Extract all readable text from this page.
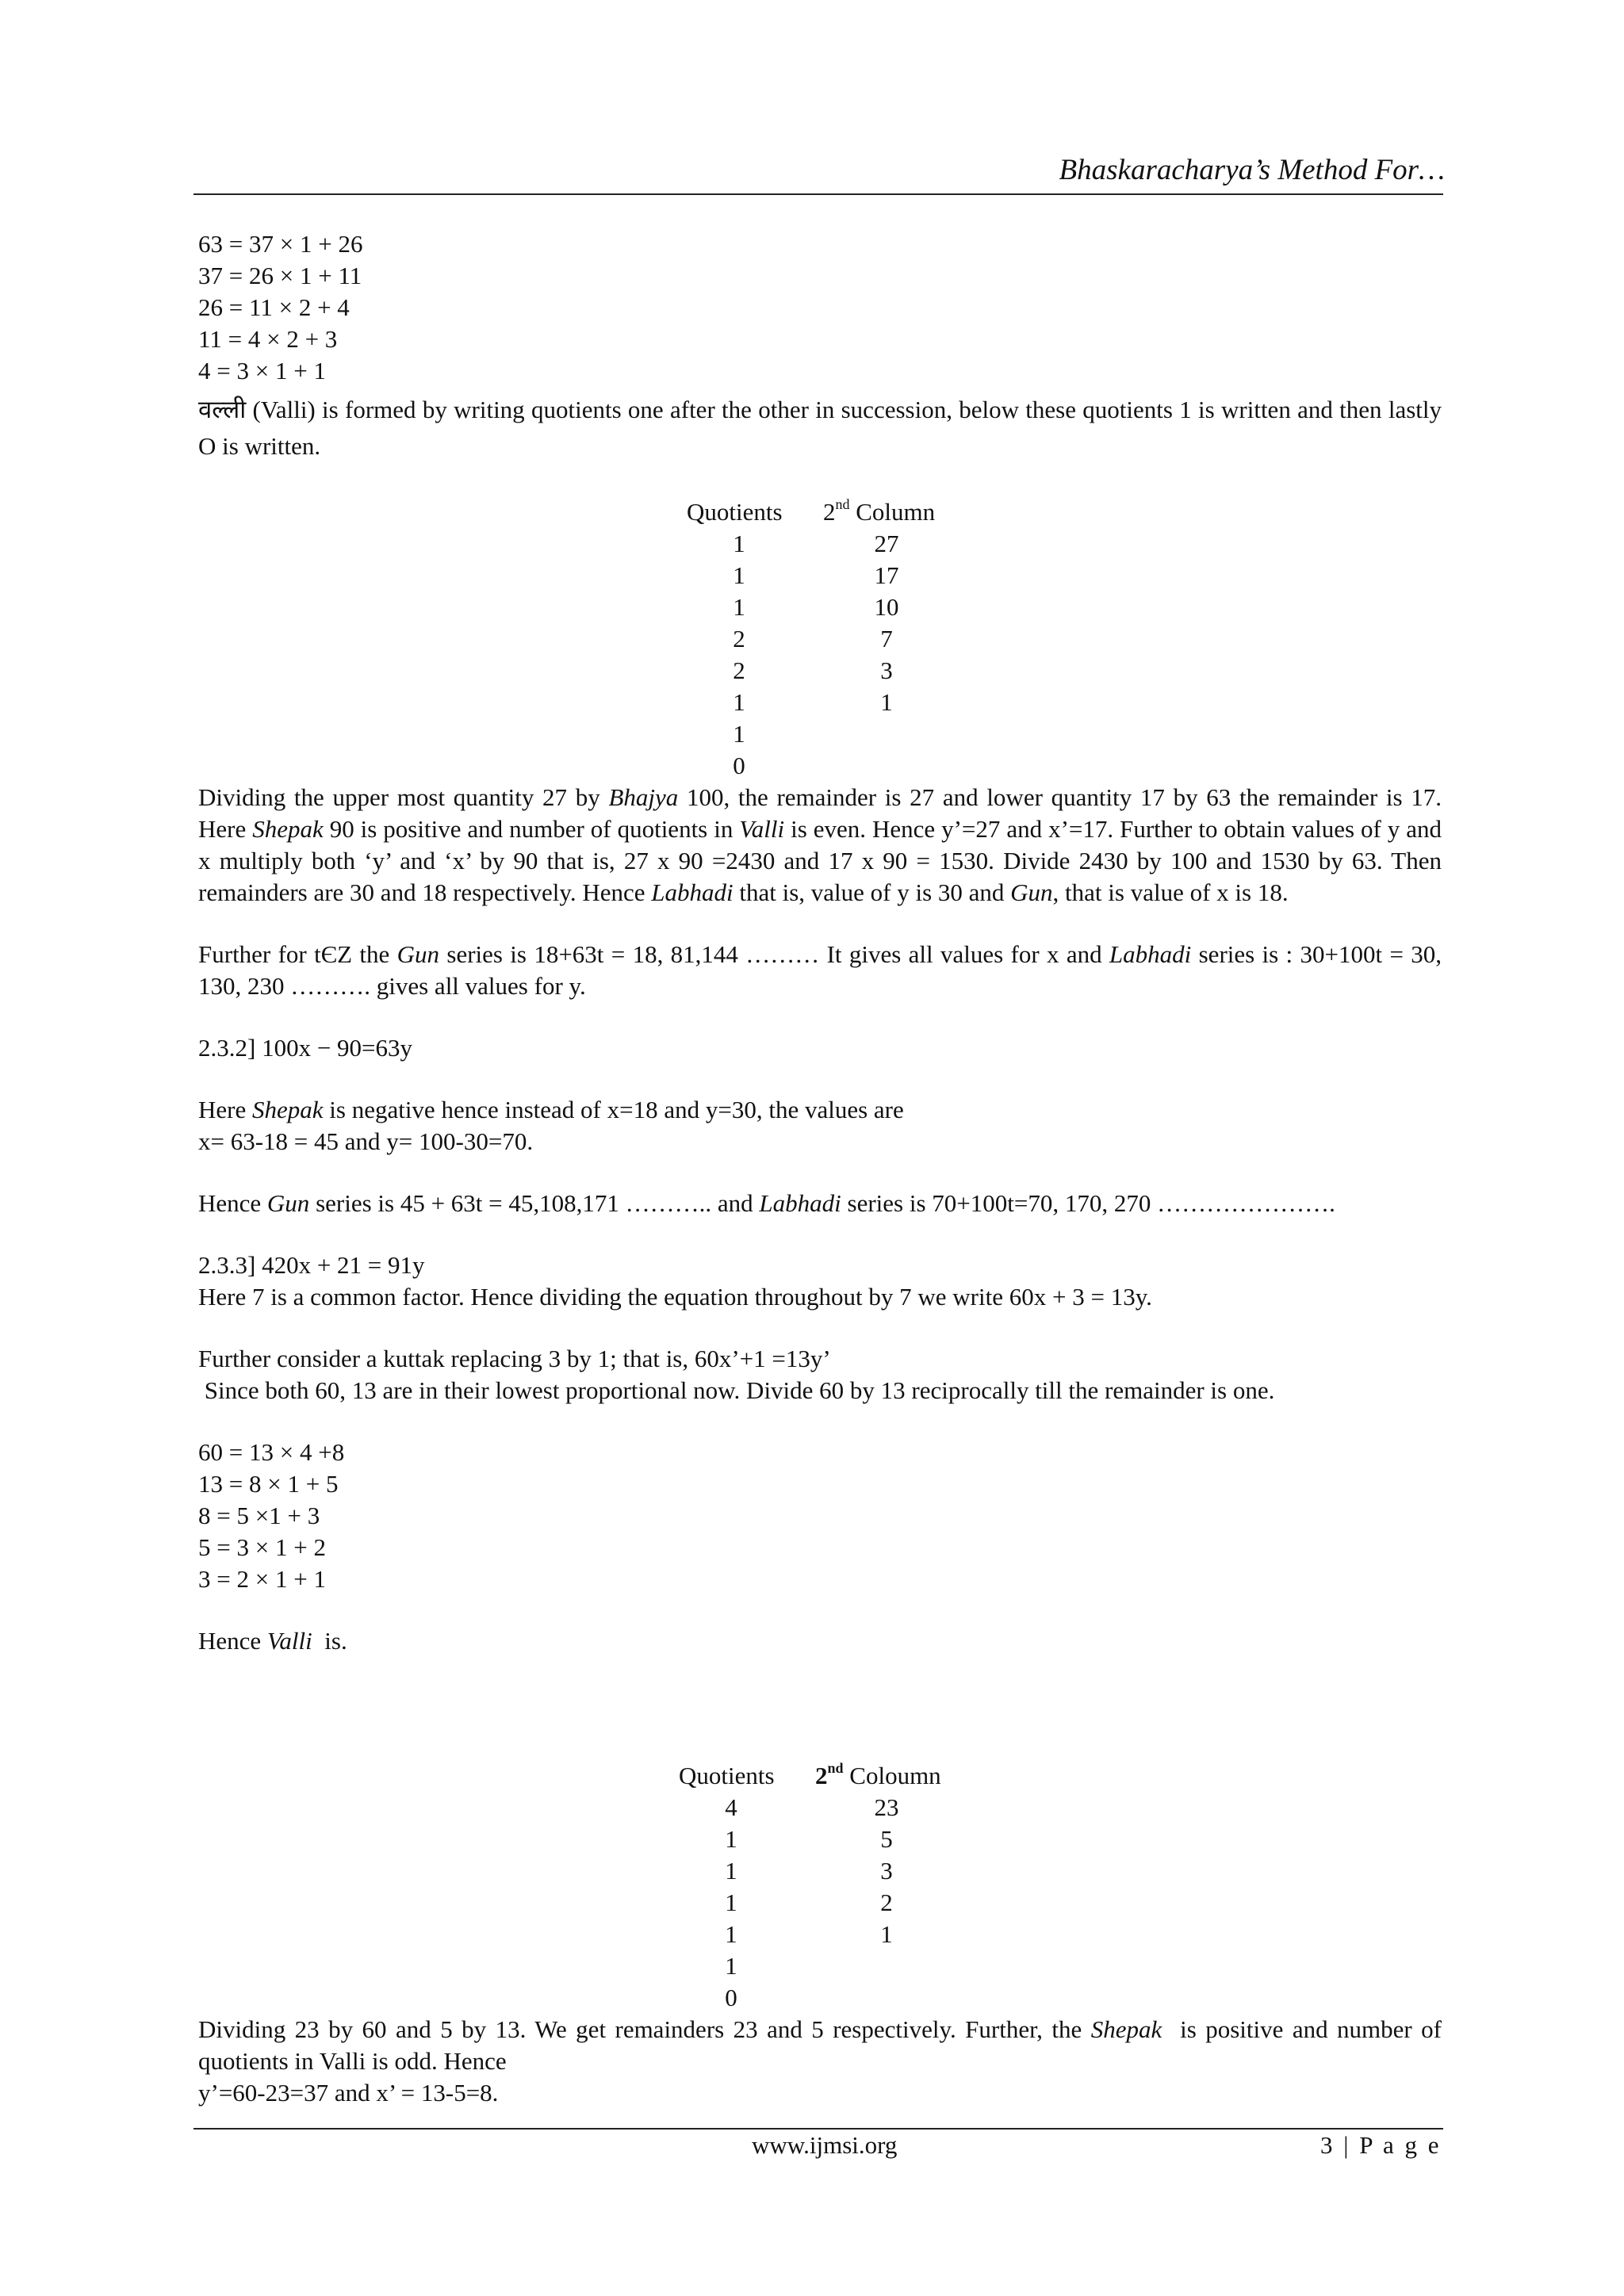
Bhaskaracharya’s Method For…
63 = 37 × 1 + 26
37 = 26 × 1 + 11
26 = 11 × 2 + 4
11 = 4 × 2 + 3
4 = 3 × 1 + 1

वल्ली (Valli) is formed by writing quotients one after the other in succession, below these quotients 1 is written and then lastly O is written.

Quotients 2nd Column
1
1
1
2
2
1
1
0
27
17
10
7
3
1

Dividing the upper most quantity 27 by Bhajya 100, the remainder is 27 and lower quantity 17 by 63 the remainder is 17. Here Shepak 90 is positive and number of quotients in Valli is even. Hence y’=27 and x’=17. Further to obtain values of y and x multiply both ‘y’ and ‘x’ by 90 that is, 27 x 90 =2430 and 17 x 90 = 1530. Divide 2430 by 100 and 1530 by 63. Then remainders are 30 and 18 respectively. Hence Labhadi that is, value of y is 30 and Gun, that is value of x is 18.

Further for tЄZ the Gun series is 18+63t = 18, 81,144 ……… It gives all values for x and Labhadi series is : 30+100t = 30, 130, 230 ………. gives all values for y.

2.3.2] 100x − 90=63y
Here Shepak is negative hence instead of x=18 and y=30, the values are
x= 63-18 = 45 and y= 100-30=70.

Hence Gun series is 45 + 63t = 45,108,171 ……….. and Labhadi series is 70+100t=70, 170, 270 ………………….

2.3.3] 420x + 21 = 91y
Here 7 is a common factor. Hence dividing the equation throughout by 7 we write 60x + 3 = 13y.
Further consider a kuttak replacing 3 by 1; that is, 60x’+1 =13y’
Since both 60, 13 are in their lowest proportional now. Divide 60 by 13 reciprocally till the remainder is one.
60 = 13 × 4 +8
13 = 8 × 1 + 5
8 = 5 ×1 + 3
5 = 3 × 1 + 2
3 = 2 × 1 + 1
Hence Valli  is.
Quotients 2nd Coloumn
4
1
1
1
1
1
0
23
5
3
2
1

Dividing 23 by 60 and 5 by 13. We get remainders 23 and 5 respectively. Further, the Shepak  is positive and number of quotients in Valli is odd. Hence

y’=60-23=37 and x’ = 13-5=8.
www.ijmsi.org	3 | P a g e
